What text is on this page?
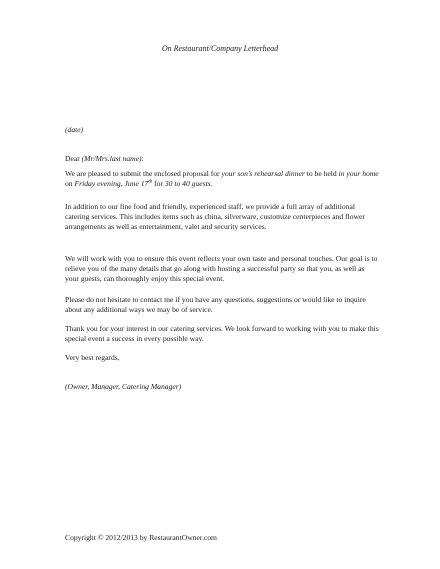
On Restaurant/Company Letterhead
(date)
Dear (Mr/Mrs.last name):

We are pleased to submit the enclosed proposal for your son’s rehearsal dinner to be held in your home on Friday evening, June 17th for 30 to 40 guests.

In addition to our fine food and friendly, experienced staff, we provide a full array of additional catering services. This includes items such as china, silverware, customize centerpieces and flower arrangements as well as entertainment, valet and security services.

We will work with you to ensure this event reflects your own taste and personal touches. Our goal is to relieve you of the many details that go along with hosting a successful party so that you, as well as your guests, can thoroughly enjoy this special event.

Please do not hesitate to contact me if you have any questions, suggestions or would like to inquire about any additional ways we may be of service.

Thank you for your interest in our catering services. We look forward to working with you to make this special event a success in every possible way.

Very best regards,
(Owner, Manager, Catering Manager)
Copyright © 2012/2013 by RestaurantOwner.com
